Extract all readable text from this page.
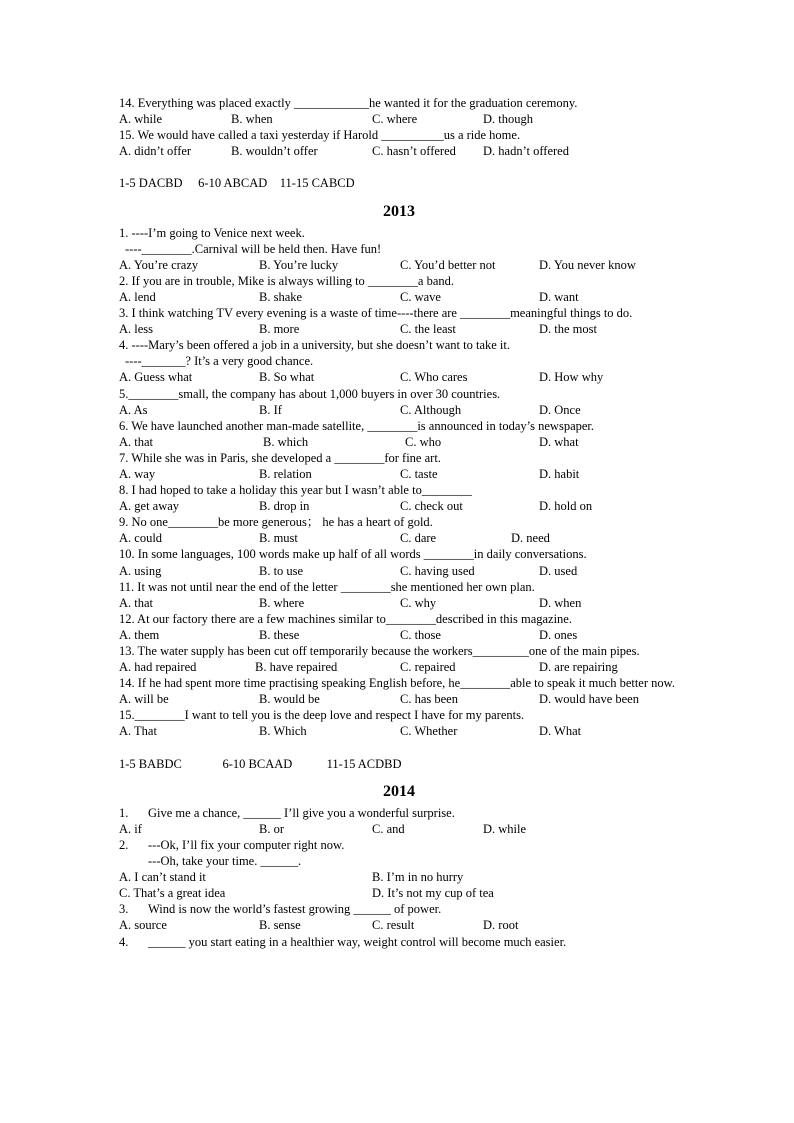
14. Everything was placed exactly ____________he wanted it for the graduation ceremony.
A. while	B. when	C. where	D. though
15. We would have called a taxi yesterday if Harold __________us a ride home.
A. didn’t offer	B. wouldn’t offer	C. hasn’t offered D. hadn’t offered
1-5 DACBD     6-10 ABCAD    11-15 CABCD
2013
1. ----I’m going to Venice next week.
----________.Carnival will be held then. Have fun!
A. You’re crazy	B. You’re lucky	C. You’d better not	D. You never know
2. If you are in trouble, Mike is always willing to ________a band.
A. lend	B. shake	C. wave	D. want
3. I think watching TV every evening is a waste of time----there are ________meaningful things to do.
A. less	B. more	C. the least	D. the most
4. ----Mary’s been offered a job in a university, but she doesn’t want to take it.
----_______? It’s a very good chance.
A. Guess what	B. So what	C. Who cares	D. How why
5.________small, the company has about 1,000 buyers in over 30 countries.
A. As	B. If	C. Although	D. Once
6. We have launched another man-made satellite, ________is announced in today’s newspaper.
A. that	B. which	C. who	D. what
7. While she was in Paris, she developed a ________for fine art.
A. way	B. relation	C. taste	D. habit
8. I had hoped to take a holiday this year but I wasn’t able to________
A. get away	B. drop in	C. check out	D. hold on
9. No one________be more generous； he has a heart of gold.
A. could	B. must	C. dare	D. need
10. In some languages, 100 words make up half of all words ________in daily conversations.
A. using	B. to use	C. having used	D. used
11. It was not until near the end of the letter ________she mentioned her own plan.
A. that	B. where	C. why	D. when
12. At our factory there are a few machines similar to________described in this magazine.
A. them	B. these	C. those	D. ones
13. The water supply has been cut off temporarily because the workers_________one of the main pipes.
A. had repaired	B. have repaired	C. repaired	D. are repairing
14. If he had spent more time practising speaking English before, he________able to speak it much better now.
A. will be	B. would be	C. has been	D. would have been
15.________I want to tell you is the deep love and respect I have for my parents.
A. That	B. Which	C. Whether	D. What
1-5 BABDC             6-10 BCAAD           11-15 ACDBD
2014
1. Give me a chance, ______ I’ll give you a wonderful surprise.
A. if	B. or	C. and	D. while
2. ---Ok, I’ll fix your computer right now.
---Oh, take your time. ______.
A. I can’t stand it	B. I’m in no hurry
C. That’s a great idea	D. It’s not my cup of tea
3. Wind is now the world’s fastest growing ______ of power.
A. source	B. sense	C. result	D. root
4. ______ you start eating in a healthier way, weight control will become much easier.
